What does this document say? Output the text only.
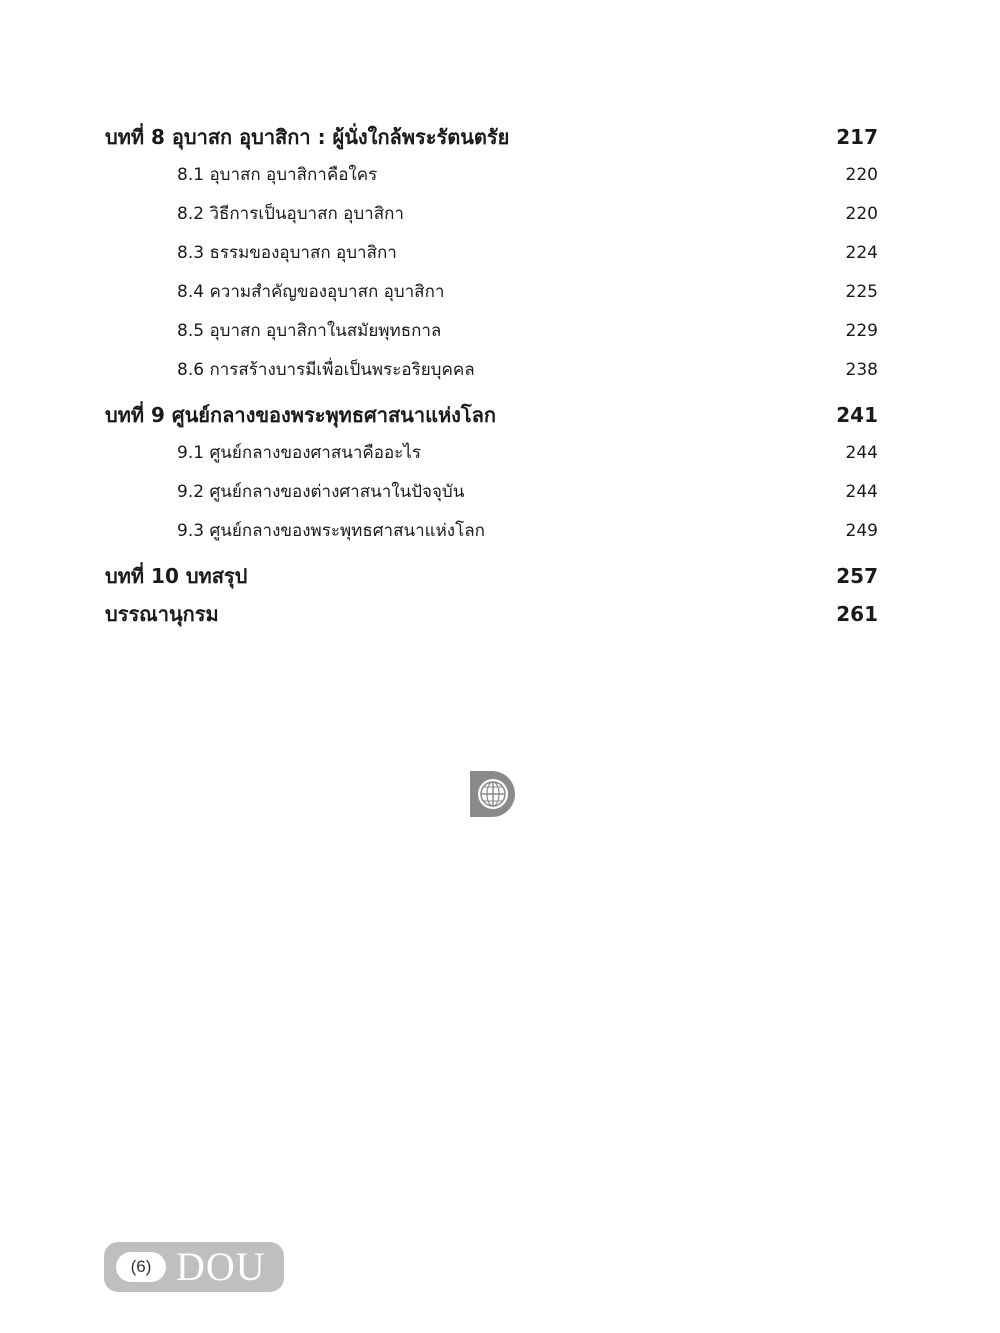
บทที่ 8 อุบาสก อุบาสิกา : ผู้นั่งใกล้พระรัตนตรัย	217
8.1 อุบาสก อุบาสิกาคือใคร	220
8.2 วิธีการเป็นอุบาสก อุบาสิกา	220
8.3 ธรรมของอุบาสก อุบาสิกา	224
8.4 ความสำคัญของอุบาสก อุบาสิกา	225
8.5 อุบาสก อุบาสิกาในสมัยพุทธกาล	229
8.6 การสร้างบารมีเพื่อเป็นพระอริยบุคคล	238
บทที่ 9 ศูนย์กลางของพระพุทธศาสนาแห่งโลก	241
9.1 ศูนย์กลางของศาสนาคืออะไร	244
9.2 ศูนย์กลางของต่างศาสนาในปัจจุบัน	244
9.3 ศูนย์กลางของพระพุทธศาสนาแห่งโลก	249
บทที่ 10 บทสรุป	257
บรรณานุกรม	261
(6) DOU
